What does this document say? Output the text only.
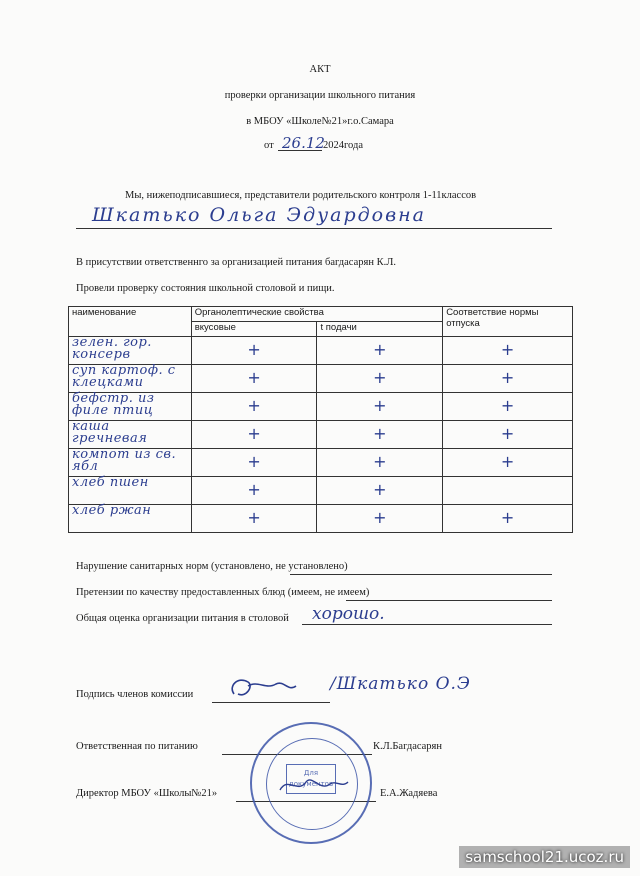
АКТ
проверки организации школьного питания
в МБОУ «Школе№21»г.о.Самара
от 26.12
2024года
Мы, нижеподписавшиеся, представители родительского контроля 1-11классов
Шкатько Ольга Эдуардовна
В присутствии ответственнго за организацией питания багдасарян К.Л.
Провели проверку состояния школьной столовой и пищи.
наименование	Органолептические свойства		Соответствие нормы отпуска
	вкусовые	t подачи	

зелен. гор. консерв	+	+	+

суп картоф. с клецками	+	+	+

бефстр. из филе птиц	+	+	+

каша гречневая	+	+	+

компот из св. ябл	+	+	+

хлеб пшен	+	+	

хлеб ржан	+	+	+
Нарушение санитарных норм (установлено, не установлено)
Претензии по качеству предоставленных блюд (имеем, не имеем)
Общая оценка организации питания в столовой хорошо.
Подпись членов комиссии
/Шкатько О.Э
Ответственная по питанию	К.Л.Багдасарян
Директор МБОУ «Школы№21»	Е.А.Жадяева
Для документов
samschool21.ucoz.ru
